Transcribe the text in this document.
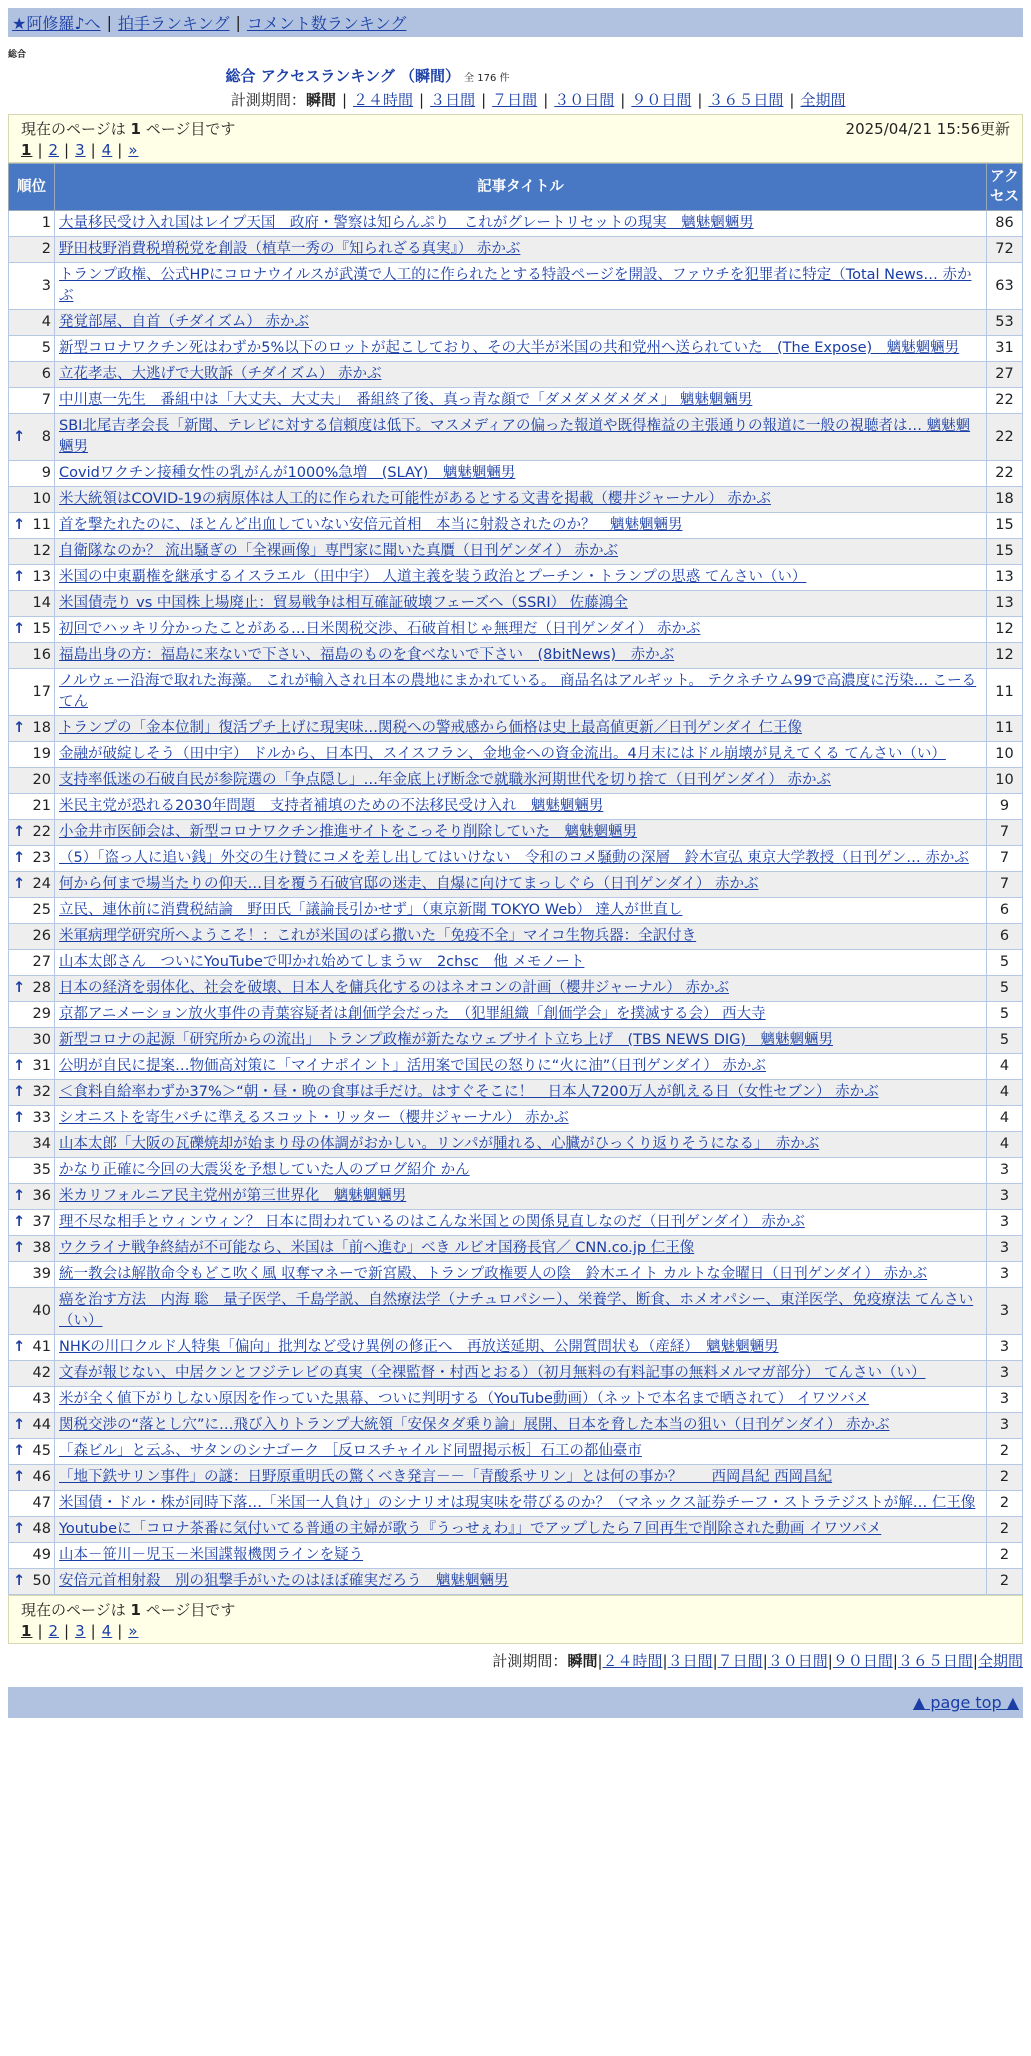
★阿修羅♪へ | 拍手ランキング | コメント数ランキング
総合
総合 アクセスランキング （瞬間） 全 176 件
計測期間：瞬間 | ２４時間 | ３日間 | ７日間 | ３０日間 | ９０日間 | ３６５日間 | 全期間
現在のページは 1 ページ目です	2025/04/21 15:56更新
1 | 2 | 3 | 4 | »
順位	記事タイトル	アクセス
1	大量移民受け入れ国はレイプ天国　政府・警察は知らんぷり　これがグレートリセットの現実　魑魅魍魎男	86
2	野田枝野消費税増税党を創設（植草一秀の『知られざる真実』） 赤かぶ	72
3	トランプ政権、公式HPにコロナウイルスが武漢で人工的に作られたとする特設ページを開設、ファウチを犯罪者に特定（Total News… 赤かぶ	63
4	発覚部屋、自首（チダイズム） 赤かぶ	53
5	新型コロナワクチン死はわずか5%以下のロットが起こしており、その大半が米国の共和党州へ送られていた　(The Expose)　魑魅魍魎男	31
6	立花孝志、大逃げで大敗訴（チダイズム） 赤かぶ	27
7	中川恵一先生　番組中は「大丈夫、大丈夫」　番組終了後、真っ青な顔で「ダメダメダメダメ」 魑魅魍魎男	22

↑ 8	SBI北尾吉孝会長「新聞、テレビに対する信頼度は低下。マスメディアの偏った報道や既得権益の主張通りの報道に一般の視聴者は… 魑魅魍魎男	22
9	Covidワクチン接種女性の乳がんが1000%急増　(SLAY)　魑魅魍魎男	22
10	米大統領はCOVID-19の病原体は人工的に作られた可能性があるとする文書を掲載（櫻井ジャーナル） 赤かぶ	18

↑ 11	首を撃たれたのに、ほとんど出血していない安倍元首相　本当に射殺されたのか？　魑魅魍魎男	15
12	自衛隊なのか？ 流出騒ぎの「全裸画像」専門家に聞いた真贋（日刊ゲンダイ） 赤かぶ	15

↑ 13	米国の中東覇権を継承するイスラエル（田中宇） 人道主義を装う政治とプーチン・トランプの思惑 てんさい（い）	13
14	米国債売り vs 中国株上場廃止：貿易戦争は相互確証破壊フェーズへ（SSRI） 佐藤鴻全	13

↑ 15	初回でハッキリ分かったことがある…日米関税交渉、石破首相じゃ無理だ（日刊ゲンダイ） 赤かぶ	12
16	福島出身の方：福島に来ないで下さい、福島のものを食べないで下さい　(8bitNews)　赤かぶ	12
17	ノルウェー沿海で取れた海藻。 これが輸入され日本の農地にまかれている。 商品名はアルギット。 テクネチウム99で高濃度に汚染… こーるてん	11

↑ 18	トランプの「金本位制」復活プチ上げに現実味…関税への警戒感から価格は史上最高値更新／日刊ゲンダイ 仁王像	11
19	金融が破綻しそう（田中宇） ドルから、日本円、スイスフラン、金地金への資金流出。4月末にはドル崩壊が見えてくる てんさい（い）	10
20	支持率低迷の石破自民が参院選の「争点隠し」…年金底上げ断念で就職氷河期世代を切り捨て（日刊ゲンダイ） 赤かぶ	10
21	米民主党が恐れる2030年問題　支持者補填のための不法移民受け入れ　魑魅魍魎男	9

↑ 22	小金井市医師会は、新型コロナワクチン推進サイトをこっそり削除していた　魑魅魍魎男	7

↑ 23	（5）「盗っ人に追い銭」外交の生け贄にコメを差し出してはいけない　令和のコメ騒動の深層　鈴木宣弘 東京大学教授（日刊ゲン… 赤かぶ	7

↑ 24	何から何まで場当たりの仰天…目を覆う石破官邸の迷走、自爆に向けてまっしぐら（日刊ゲンダイ） 赤かぶ	7
25	立民、連休前に消費税結論　野田氏「議論長引かせず」（東京新聞 TOKYO Web） 達人が世直し	6
26	米軍病理学研究所へようこそ！：これが米国のばら撒いた「免疫不全」マイコ生物兵器：全訳付き	6
27	山本太郎さん　ついにYouTubeで叩かれ始めてしまうｗ　2chsc　他 メモノート	5

↑ 28	日本の経済を弱体化、社会を破壊、日本人を傭兵化するのはネオコンの計画（櫻井ジャーナル） 赤かぶ	5
29	京都アニメーション放火事件の青葉容疑者は創価学会だった　（犯罪組織「創価学会」を撲滅する会） 西大寺	5
30	新型コロナの起源「研究所からの流出」 トランプ政権が新たなウェブサイト立ち上げ　(TBS NEWS DIG)　魑魅魍魎男	5

↑ 31	公明が自民に提案…物価高対策に「マイナポイント」活用案で国民の怒りに“火に油”（日刊ゲンダイ） 赤かぶ	4

↑ 32	＜食料自給率わずか37%＞“朝・昼・晩の食事は手だけ。はすぐそこに！　日本人7200万人が飢える日（女性セブン） 赤かぶ	4

↑ 33	シオニストを寄生バチに準えるスコット・リッター（櫻井ジャーナル） 赤かぶ	4
34	山本太郎「大阪の瓦礫焼却が始まり母の体調がおかしい。リンパが腫れる、心臓がひっくり返りそうになる」　赤かぶ	4
35	かなり正確に今回の大震災を予想していた人のブログ紹介 かん	3

↑ 36	米カリフォルニア民主党州が第三世界化　魑魅魍魎男	3

↑ 37	理不尽な相手とウィンウィン？ 日本に問われているのはこんな米国との関係見直しなのだ（日刊ゲンダイ） 赤かぶ	3

↑ 38	ウクライナ戦争終結が不可能なら、米国は「前へ進む」べき ルビオ国務長官／ CNN.co.jp 仁王像	3
39	統一教会は解散命令もどこ吹く風 収奪マネーで新宮殿、トランプ政権要人の陰　鈴木エイト カルトな金曜日（日刊ゲンダイ） 赤かぶ	3
40	癌を治す方法　内海 聡　量子医学、千島学説、自然療法学（ナチュロパシー）、栄養学、断食、ホメオパシー、東洋医学、免疫療法 てんさい（い）	3

↑ 41	NHKの川口クルド人特集「偏向」批判など受け異例の修正へ　再放送延期、公開質問状も（産経）　魑魅魍魎男	3
42	文春が報じない、中居クンとフジテレビの真実（全裸監督・村西とおる）（初月無料の有料記事の無料メルマガ部分） てんさい（い）	3
43	米が全く値下がりしない原因を作っていた黒幕、ついに判明する（YouTube動画）（ネットで本名まで晒されて） イワツバメ	3

↑ 44	関税交渉の“落とし穴”に…飛び入りトランプ大統領「安保タダ乗り論」展開、日本を脅した本当の狙い（日刊ゲンダイ） 赤かぶ	3

↑ 45	「森ビル」と云ふ、サタンのシナゴーク ［反ロスチャイルド同盟掲示板］石工の都仙臺市	2

↑ 46	「地下鉄サリン事件」の謎：日野原重明氏の驚くべき発言－－「青酸系サリン」とは何の事か？　　西岡昌紀 西岡昌紀	2
47	米国債・ドル・株が同時下落…「米国一人負け」のシナリオは現実味を帯びるのか？（マネックス証券チーフ・ストラテジストが解… 仁王像	2

↑ 48	Youtubeに「コロナ茶番に気付いてる普通の主婦が歌う『うっせぇわ』」でアップしたら７回再生で削除された動画 イワツバメ	2
49	山本－笹川－児玉－米国諜報機関ラインを疑う	2

↑ 50	安倍元首相射殺　別の狙撃手がいたのはほぼ確実だろう　魑魅魍魎男	2
現在のページは 1 ページ目です
1 | 2 | 3 | 4 | »
計測期間：瞬間|２４時間|３日間|７日間|３０日間|９０日間|３６５日間|全期間
▲ page top ▲
